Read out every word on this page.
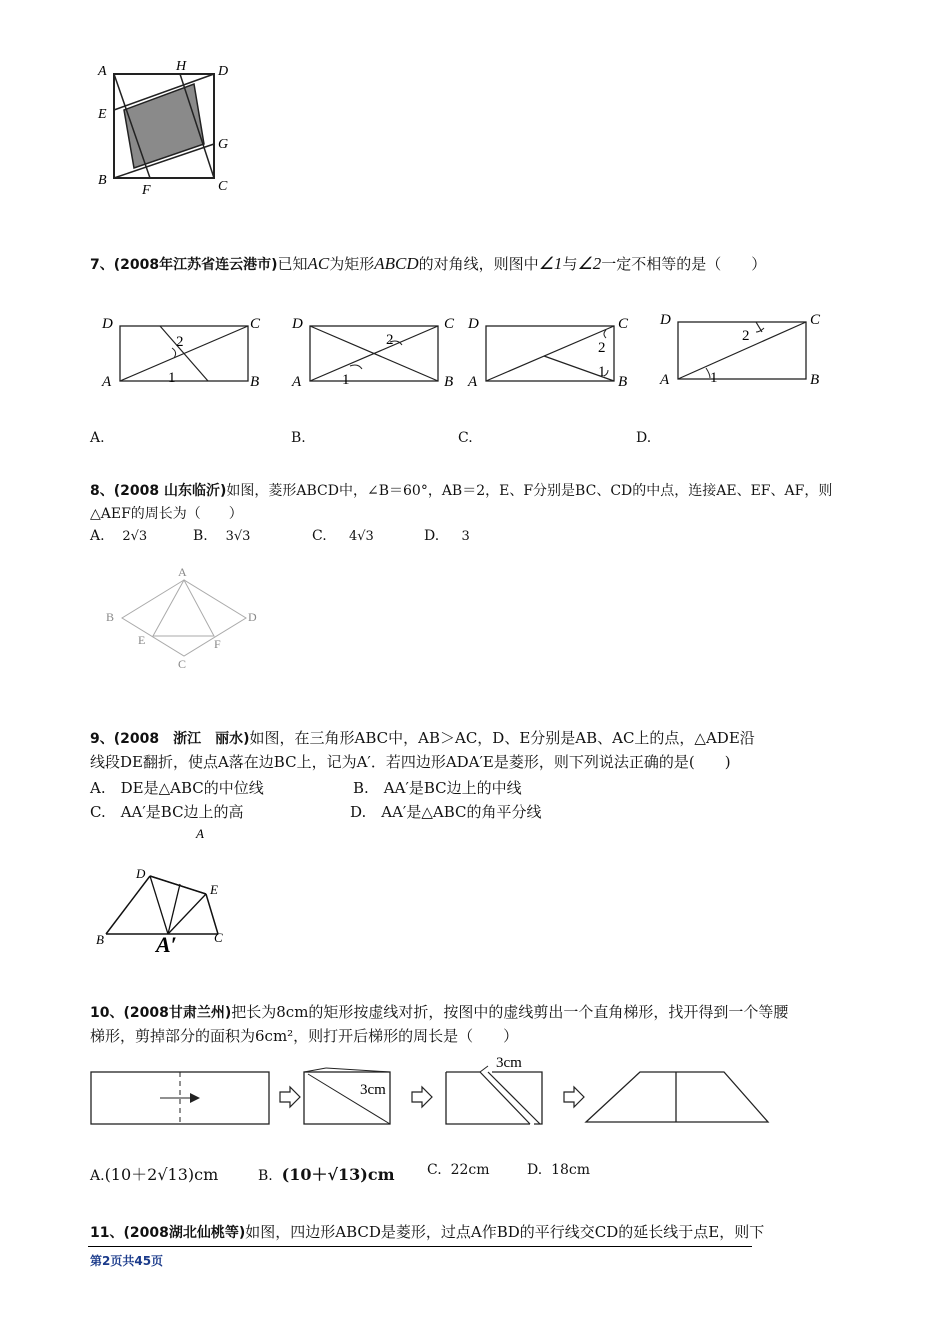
A	H D
E
G
B
F	C
7、(2008年江苏省连云港市)已知AC为矩形ABCD的对角线，则图中∠1与∠2一定不相等的是（　　）
D	C
A	B
2
1
D	C
A	B
2
1
D	C
A	B
2
1
D	C
A	B
2
1
A.	B.	C.	D.
8、(2008 山东临沂)如图，菱形ABCD中，∠B＝60°，AB＝2，E、F分别是BC、CD的中点，连接AE、EF、AF，则
△AEF的周长为（　　）
A. 2√3	B. 3√3	C. 4√3	D. 3
A
B	D
E	F
C
9、(2008　浙江　丽水)如图，在三角形ABC中，AB＞AC，D、E分别是AB、AC上的点，△ADE沿
线段DE翻折，使点A落在边BC上，记为A′．若四边形ADA′E是菱形，则下列说法正确的是(　　)
A.　DE是△ABC的中位线	B.　AA′是BC边上的中线
C.　AA′是BC边上的高	D.　AA′是△ABC的角平分线
A
D
E
B A′	C
10、(2008甘肃兰州)把长为8cm的矩形按虚线对折，按图中的虚线剪出一个直角梯形，找开得到一个等腰
梯形，剪掉部分的面积为6cm²，则打开后梯形的周长是（　　）
3cm
3cm
A.(10＋2√13)cm	B. (10＋√13)cm C. 22cm	D. 18cm
11、(2008湖北仙桃等)如图，四边形ABCD是菱形，过点A作BD的平行线交CD的延长线于点E，则下
第2页共45页
